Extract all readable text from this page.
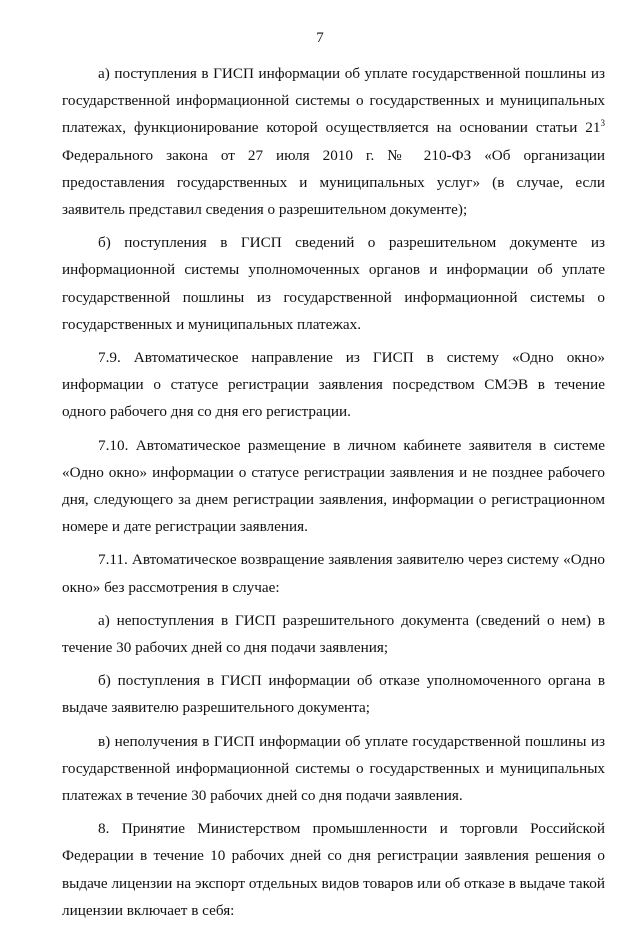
7

а) поступления в ГИСП информации об уплате государственной пошлины из государственной информационной системы о государственных и муниципальных платежах, функционирование которой осуществляется на основании статьи $21^3$ Федерального закона от 27 июля 2010 г. № 210-ФЗ «Об организации предоставления государственных и муниципальных услуг» (в случае, если заявитель представил сведения о разрешительном документе);

б) поступления в ГИСП сведений о разрешительном документе из информационной системы уполномоченных органов и информации об уплате государственной пошлины из государственной информационной системы о государственных и муниципальных платежах.

7.9. Автоматическое направление из ГИСП в систему «Одно окно» информации о статусе регистрации заявления посредством СМЭВ в течение одного рабочего дня со дня его регистрации.

7.10. Автоматическое размещение в личном кабинете заявителя в системе «Одно окно» информации о статусе регистрации заявления и не позднее рабочего дня, следующего за днем регистрации заявления, информации о регистрационном номере и дате регистрации заявления.

7.11. Автоматическое возвращение заявления заявителю через систему «Одно окно» без рассмотрения в случае:

а) непоступления в ГИСП разрешительного документа (сведений о нем) в течение 30 рабочих дней со дня подачи заявления;

б) поступления в ГИСП информации об отказе уполномоченного органа в выдаче заявителю разрешительного документа;

в) неполучения в ГИСП информации об уплате государственной пошлины из государственной информационной системы о государственных и муниципальных платежах в течение 30 рабочих дней со дня подачи заявления.

8. Принятие Министерством промышленности и торговли Российской Федерации в течение 10 рабочих дней со дня регистрации заявления решения о выдаче лицензии на экспорт отдельных видов товаров или об отказе в выдаче такой лицензии включает в себя:
